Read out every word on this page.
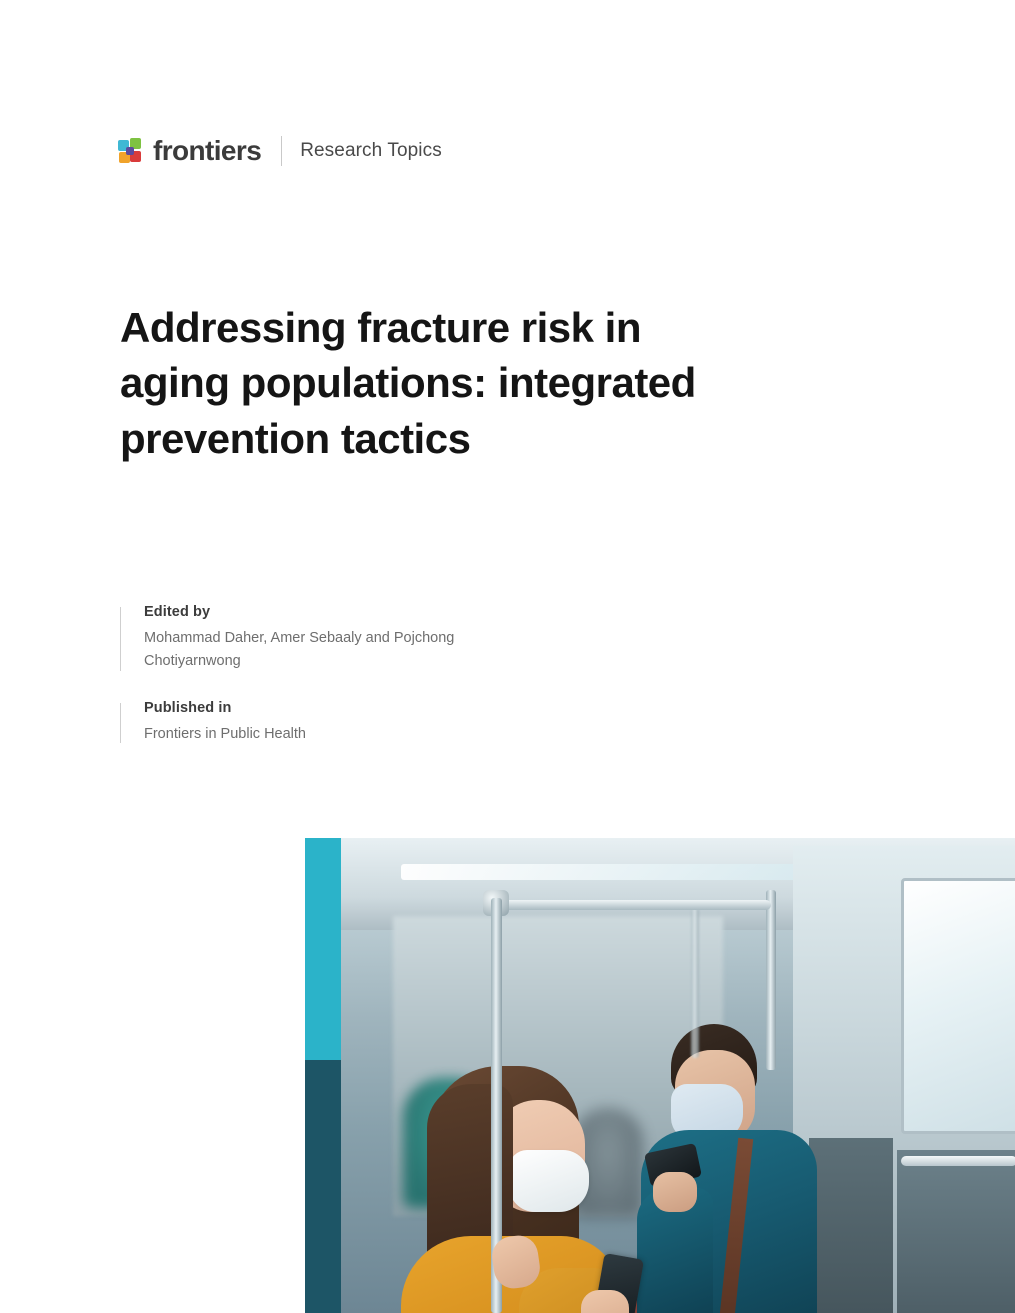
frontiers Research Topics
Addressing fracture risk in aging populations: integrated prevention tactics
Edited by
Mohammad Daher, Amer Sebaaly and Pojchong Chotiyarnwong
Published in
Frontiers in Public Health
